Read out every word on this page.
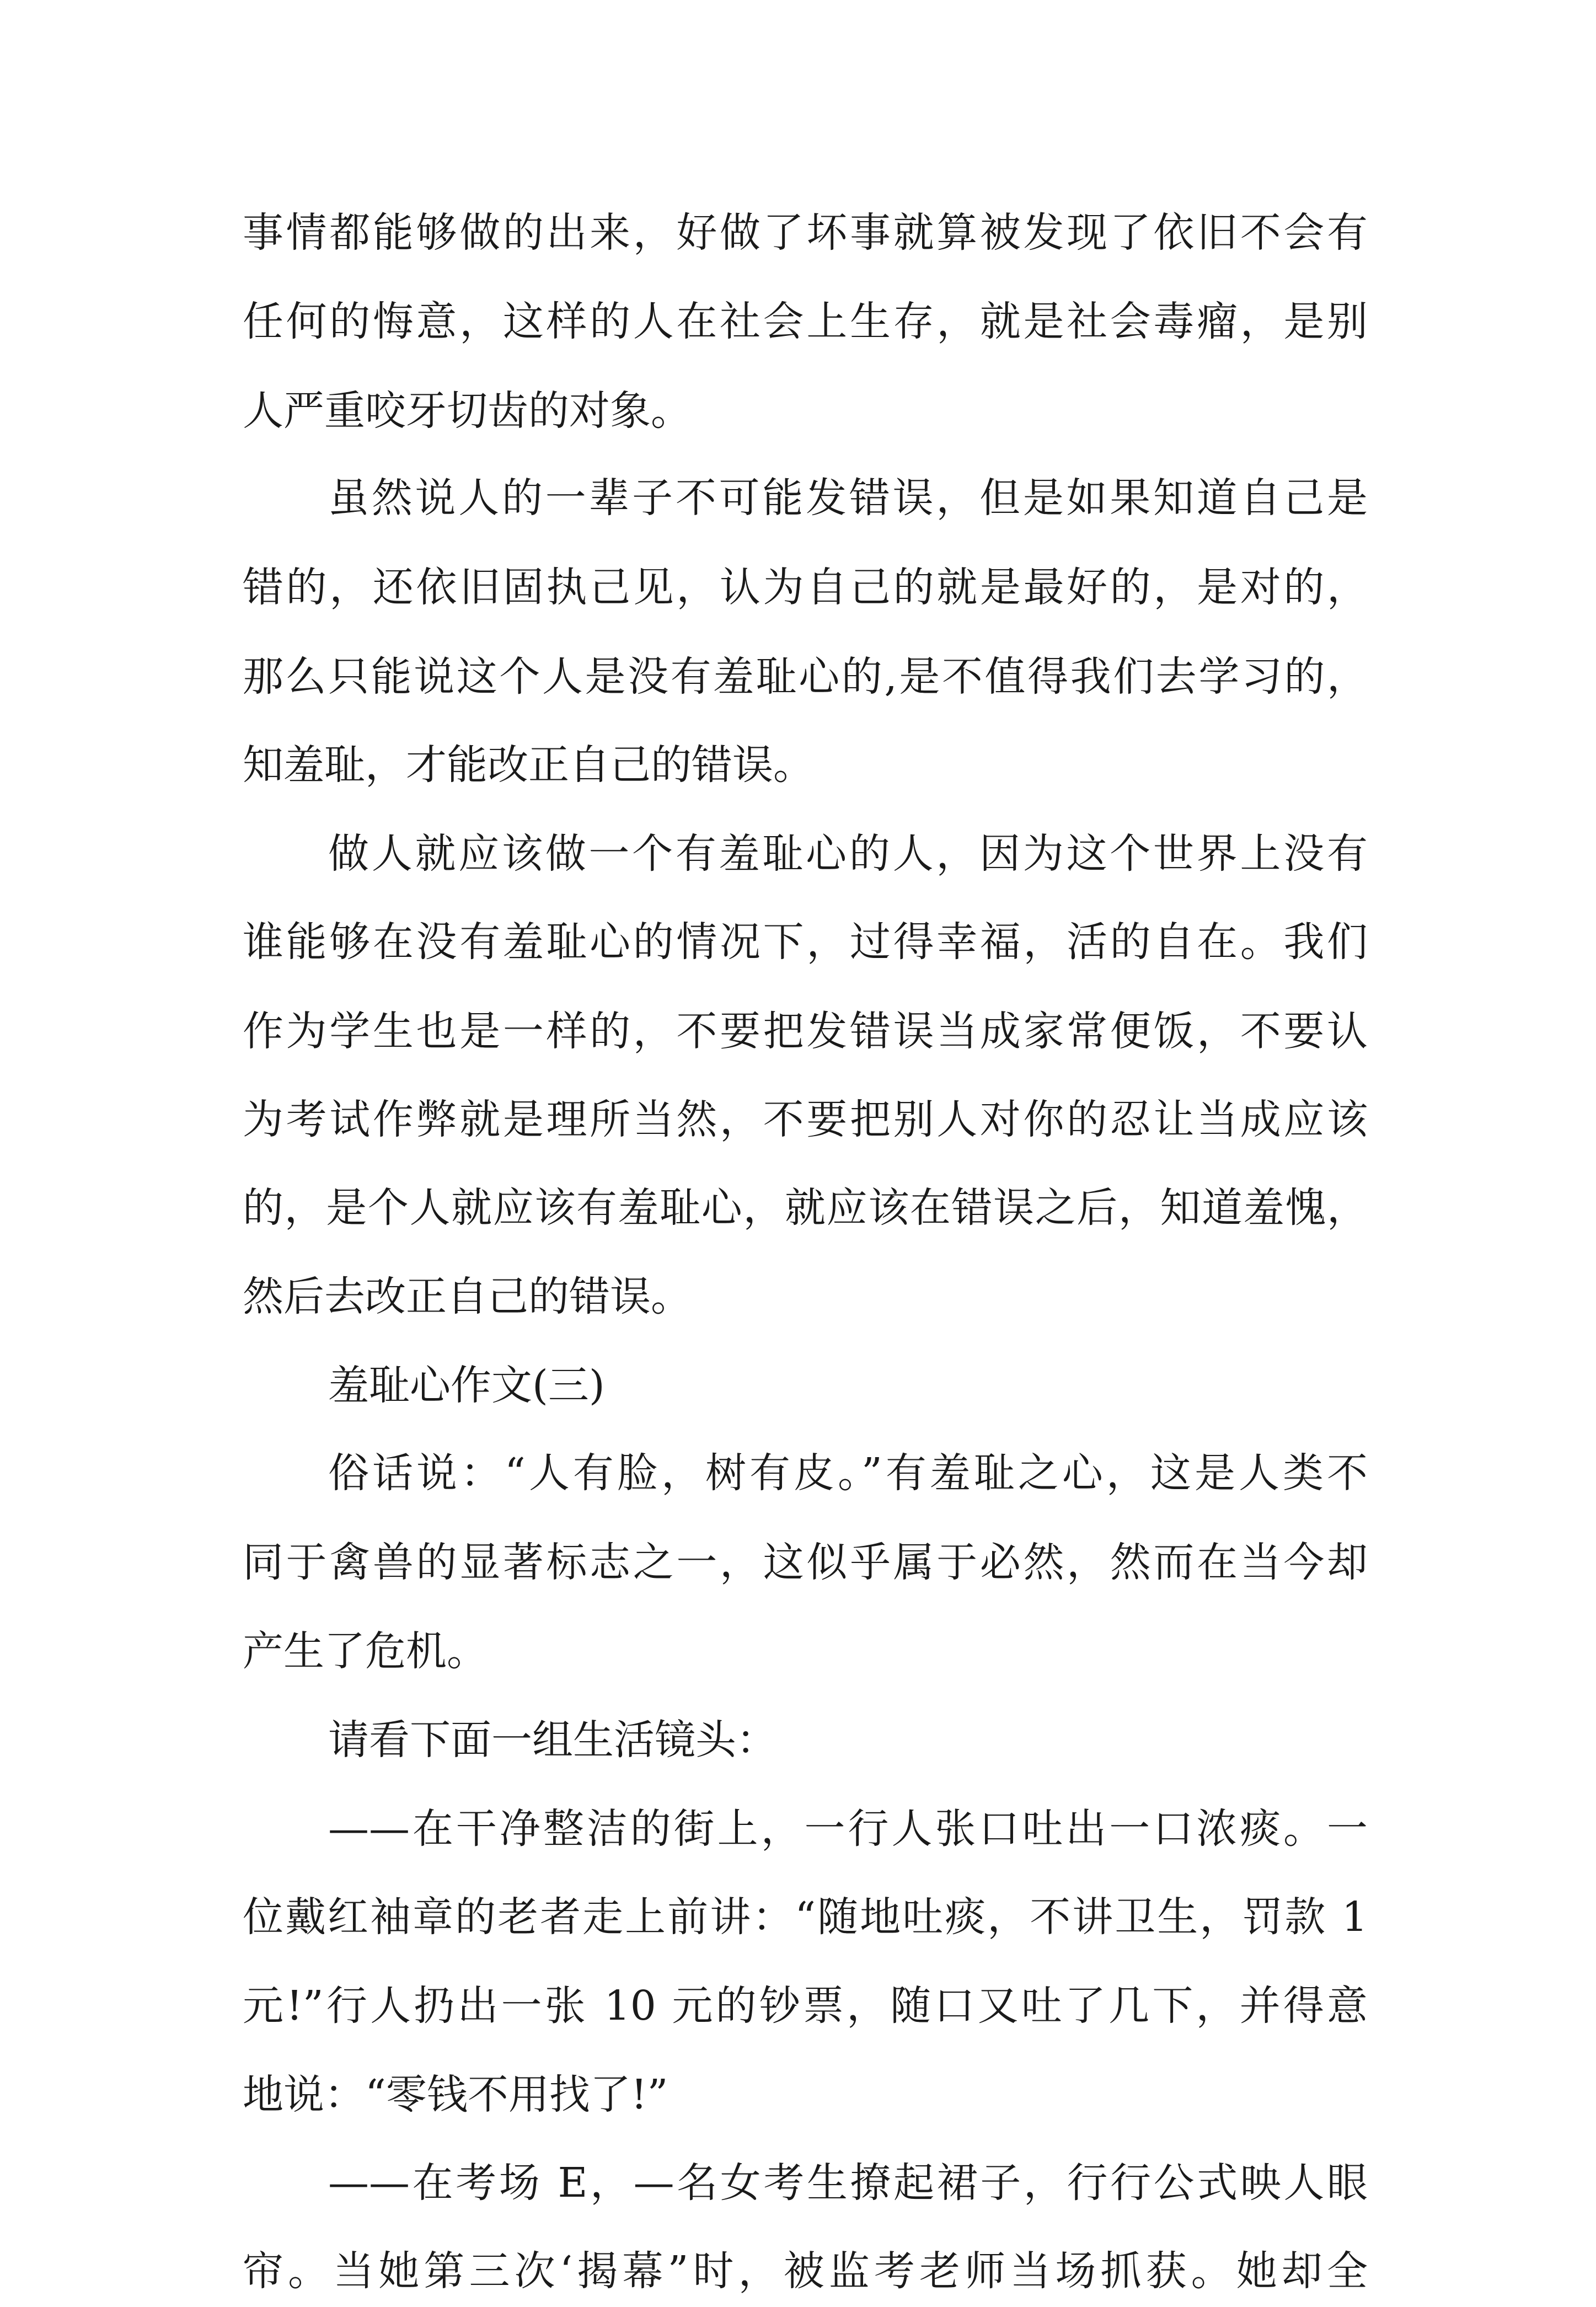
事情都能够做的出来，好做了坏事就算被发现了依旧不会有
任何的悔意，这样的人在社会上生存，就是社会毒瘤，是别
人严重咬牙切齿的对象。
虽然说人的一辈子不可能发错误，但是如果知道自己是
错的，还依旧固执己见，认为自己的就是最好的，是对的，
那么只能说这个人是没有羞耻心的,是不值得我们去学习的，
知羞耻，才能改正自己的错误。
做人就应该做一个有羞耻心的人，因为这个世界上没有
谁能够在没有羞耻心的情况下，过得幸福，活的自在。我们
作为学生也是一样的，不要把发错误当成家常便饭，不要认
为考试作弊就是理所当然，不要把别人对你的忍让当成应该
的，是个人就应该有羞耻心，就应该在错误之后，知道羞愧，
然后去改正自己的错误。
羞耻心作文(三)
俗话说：“人有脸，树有皮。”有羞耻之心，这是人类不
同于禽兽的显著标志之一，这似乎属于必然，然而在当今却
产生了危机。
请看下面一组生活镜头：
——在干净整洁的街上，一行人张口吐出一口浓痰。一
位戴红袖章的老者走上前讲：“随地吐痰，不讲卫生，罚款 1
元!”行人扔出一张 10 元的钞票，随口又吐了几下，并得意
地说：“零钱不用找了!”
——在考场 E，—名女考生撩起裙子，行行公式映人眼
帘。当她第三次‘揭幕”时，被监考老师当场抓获。她却全
